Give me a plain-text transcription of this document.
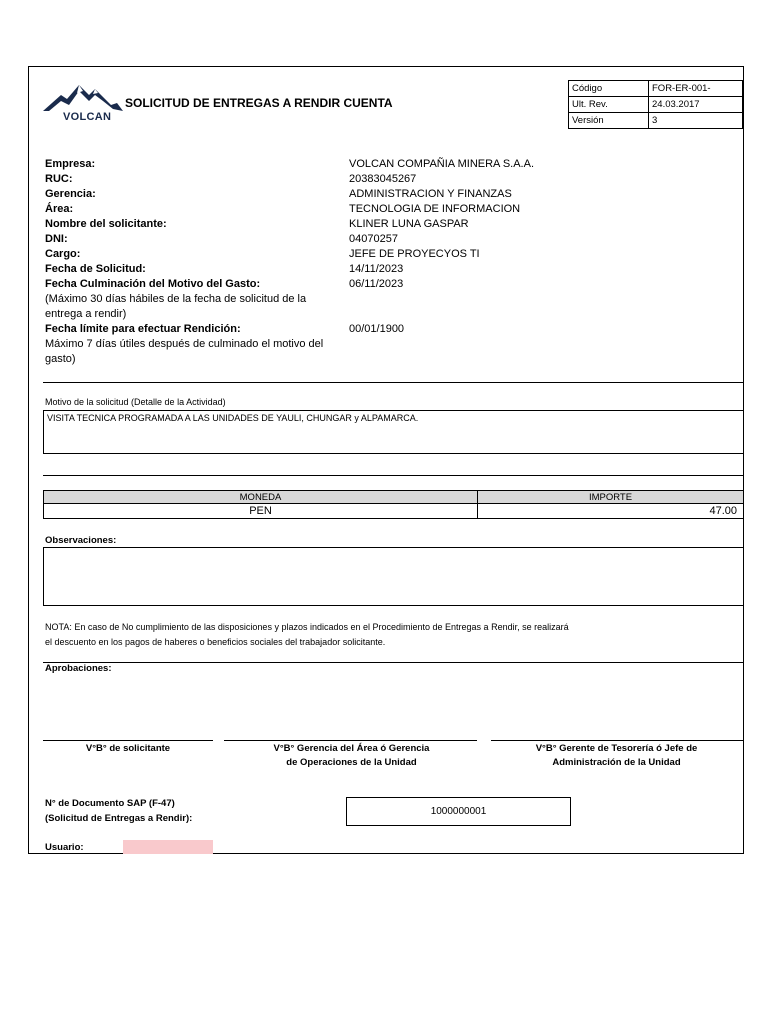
VOLCAN
SOLICITUD DE ENTREGAS A RENDIR CUENTA
Código	FOR-ER-001-
Ult. Rev.	24.03.2017
Versión	3
Empresa:	VOLCAN COMPAÑIA MINERA S.A.A.
RUC:	20383045267
Gerencia:	ADMINISTRACION Y FINANZAS
Área:	TECNOLOGIA DE INFORMACION
Nombre del solicitante:	KLINER LUNA GASPAR
DNI:	04070257
Cargo:	JEFE DE PROYECYOS TI
Fecha de Solicitud:	14/11/2023
Fecha Culminación del Motivo del Gasto:	06/11/2023
(Máximo 30 días hábiles de la fecha de solicitud de la entrega a rendir)
Fecha límite para efectuar Rendición:	00/01/1900
Máximo 7 días útiles después de culminado el motivo del gasto)
Motivo de la solicitud (Detalle de la Actividad)
VISITA TECNICA PROGRAMADA A LAS UNIDADES DE YAULI, CHUNGAR y ALPAMARCA.
MONEDA	IMPORTE
PEN	47.00
Observaciones:
NOTA: En caso de No cumplimiento de las disposiciones y plazos indicados en el Procedimiento de Entregas a Rendir, se realizará el descuento en los pagos de haberes o beneficios sociales del trabajador solicitante.
Aprobaciones:
V°B° de solicitante	V°B° Gerencia del Área ó Gerencia de Operaciones de la Unidad
V°B° Gerente de Tesorería ó Jefe de Administración de la Unidad
N° de Documento SAP (F-47)
(Solicitud de Entregas a Rendir):
1000000001
Usuario:
